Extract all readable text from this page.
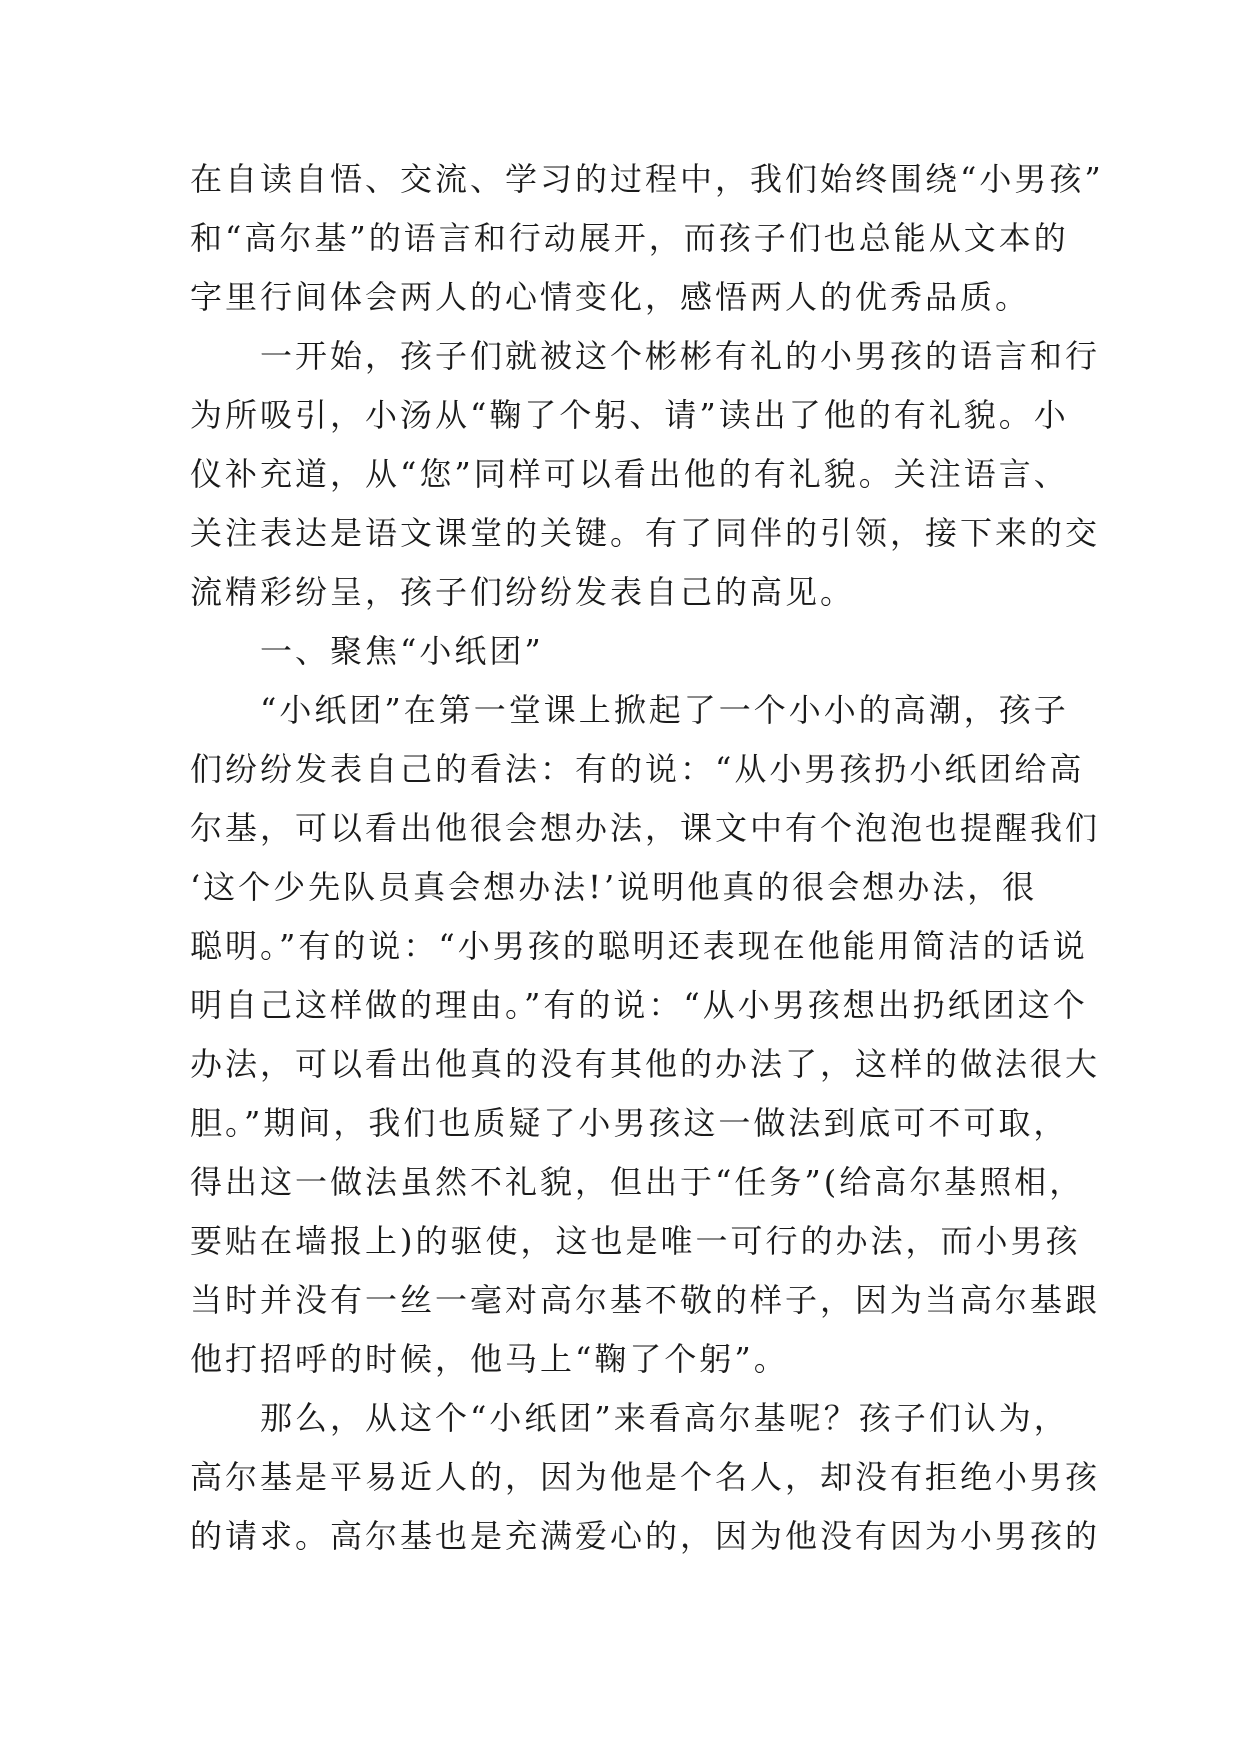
在自读自悟、交流、学习的过程中，我们始终围绕“小男孩”
和“高尔基”的语言和行动展开，而孩子们也总能从文本的
字里行间体会两人的心情变化，感悟两人的优秀品质。
　　一开始，孩子们就被这个彬彬有礼的小男孩的语言和行
为所吸引，小汤从“鞠了个躬、请”读出了他的有礼貌。小
仪补充道，从“您”同样可以看出他的有礼貌。关注语言、
关注表达是语文课堂的关键。有了同伴的引领，接下来的交
流精彩纷呈，孩子们纷纷发表自己的高见。
　　一、聚焦“小纸团”
　　“小纸团”在第一堂课上掀起了一个小小的高潮，孩子
们纷纷发表自己的看法：有的说：“从小男孩扔小纸团给高
尔基，可以看出他很会想办法，课文中有个泡泡也提醒我们
‘这个少先队员真会想办法!’说明他真的很会想办法，很
聪明。”有的说：“小男孩的聪明还表现在他能用简洁的话说
明自己这样做的理由。”有的说：“从小男孩想出扔纸团这个
办法，可以看出他真的没有其他的办法了，这样的做法很大
胆。”期间，我们也质疑了小男孩这一做法到底可不可取，
得出这一做法虽然不礼貌，但出于“任务”(给高尔基照相，
要贴在墙报上)的驱使，这也是唯一可行的办法，而小男孩
当时并没有一丝一毫对高尔基不敬的样子，因为当高尔基跟
他打招呼的时候，他马上“鞠了个躬”。
　　那么，从这个“小纸团”来看高尔基呢？孩子们认为，
高尔基是平易近人的，因为他是个名人，却没有拒绝小男孩
的请求。高尔基也是充满爱心的，因为他没有因为小男孩的
